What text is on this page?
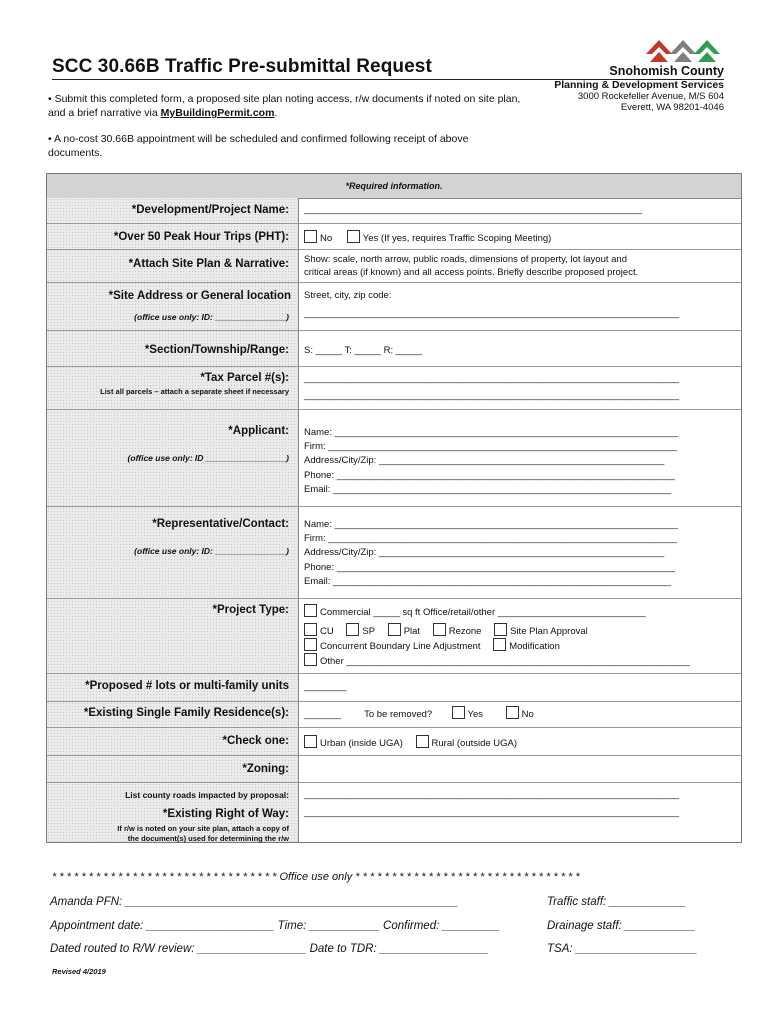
SCC 30.66B Traffic Pre-submittal Request	Snohomish County
Planning & Development Services
3000 Rockefeller Avenue, M/S 604
Everett, WA 98201-4046
• Submit this completed form, a proposed site plan noting access, r/w documents if noted on site plan, and a brief narrative via MyBuildingPermit.com.
• A no-cost 30.66B appointment will be scheduled and confirmed following receipt of above documents.
*Required information.
*Development/Project Name: ________________________________________________________________
*Over 50 Peak Hour Trips (PHT):	No	Yes (If yes, requires Traffic Scoping Meeting)
*Attach Site Plan & Narrative: Show: scale, north arrow, public roads, dimensions of property, lot layout and
critical areas (if known) and all access points. Briefly describe proposed project.
*Site Address or General location
(office use only: ID: _______________)
Street, city, zip code:
_______________________________________________________________________
*Section/Township/Range: S: _____ T: _____ R: _____
*Tax Parcel #(s):
List all parcels – attach a separate sheet if necessary
_______________________________________________________________________
_______________________________________________________________________
*Applicant:
(office use only: ID _________________)
Name: _________________________________________________________________
Firm: __________________________________________________________________
Address/City/Zip: ______________________________________________________
Phone: ________________________________________________________________
Email: ________________________________________________________________
*Representative/Contact:
(office use only: ID: _______________)
Name: _________________________________________________________________
Firm: __________________________________________________________________
Address/City/Zip: ______________________________________________________
Phone: ________________________________________________________________
Email: ________________________________________________________________
*Project Type:	Commercial _____ sq ft Office/retail/other ____________________________
CU	SP	Plat	Rezone	Site Plan Approval
Concurrent Boundary Line Adjustment	Modification
Other _________________________________________________________________
*Proposed # lots or multi-family units ________
*Existing Single Family Residence(s): _______ To be removed?	Yes	No
*Check one:	Urban (inside UGA)	Rural (outside UGA)
*Zoning:
List county roads impacted by proposal: _______________________________________________________________________
*Existing Right of Way:
If r/w is noted on your site plan, attach a copy of
the document(s) used for determining the r/w
_______________________________________________________________________
* * * * * * * * * * * * * * * * * * * * * * * * * * * * * * * Office use only * * * * * * * * * * * * * * * * * * * * * * * * * * * * * * *
Amanda PFN: ____________________________________________________	Traffic staff: ____________
Appointment date: ____________________ Time: ___________ Confirmed: _________	Drainage staff: ___________
Dated routed to R/W review: _________________ Date to TDR: _________________	TSA: ___________________
Revised 4/2019
